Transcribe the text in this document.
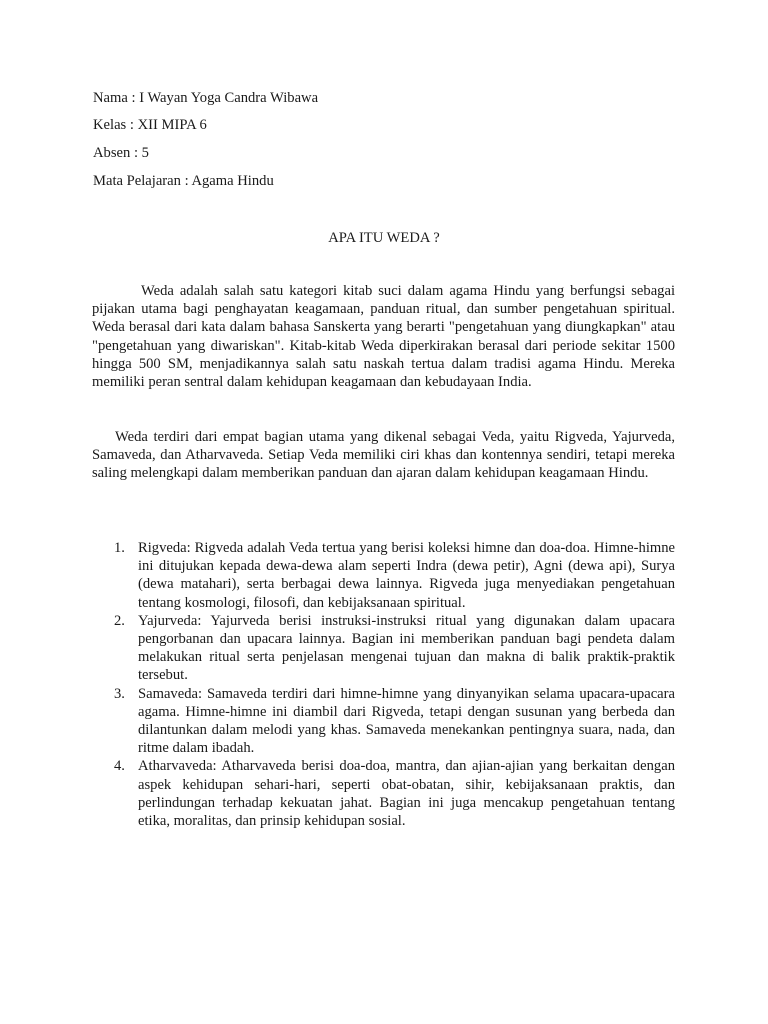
Nama : I Wayan Yoga Candra Wibawa
Kelas : XII MIPA 6
Absen : 5
Mata Pelajaran : Agama Hindu
APA ITU WEDA ?

Weda adalah salah satu kategori kitab suci dalam agama Hindu yang berfungsi sebagai pijakan utama bagi penghayatan keagamaan, panduan ritual, dan sumber pengetahuan spiritual. Weda berasal dari kata dalam bahasa Sanskerta yang berarti "pengetahuan yang diungkapkan" atau "pengetahuan yang diwariskan". Kitab-kitab Weda diperkirakan berasal dari periode sekitar 1500 hingga 500 SM, menjadikannya salah satu naskah tertua dalam tradisi agama Hindu. Mereka memiliki peran sentral dalam kehidupan keagamaan dan kebudayaan India.

Weda terdiri dari empat bagian utama yang dikenal sebagai Veda, yaitu Rigveda, Yajurveda, Samaveda, dan Atharvaveda. Setiap Veda memiliki ciri khas dan kontennya sendiri, tetapi mereka saling melengkapi dalam memberikan panduan dan ajaran dalam kehidupan keagamaan Hindu.

1. Rigveda: Rigveda adalah Veda tertua yang berisi koleksi himne dan doa-doa. Himne-himne ini ditujukan kepada dewa-dewa alam seperti Indra (dewa petir), Agni (dewa api), Surya (dewa matahari), serta berbagai dewa lainnya. Rigveda juga menyediakan pengetahuan tentang kosmologi, filosofi, dan kebijaksanaan spiritual.
2. Yajurveda: Yajurveda berisi instruksi-instruksi ritual yang digunakan dalam upacara pengorbanan dan upacara lainnya. Bagian ini memberikan panduan bagi pendeta dalam melakukan ritual serta penjelasan mengenai tujuan dan makna di balik praktik-praktik tersebut.
3. Samaveda: Samaveda terdiri dari himne-himne yang dinyanyikan selama upacara-upacara agama. Himne-himne ini diambil dari Rigveda, tetapi dengan susunan yang berbeda dan dilantunkan dalam melodi yang khas. Samaveda menekankan pentingnya suara, nada, dan ritme dalam ibadah.
4. Atharvaveda: Atharvaveda berisi doa-doa, mantra, dan ajian-ajian yang berkaitan dengan aspek kehidupan sehari-hari, seperti obat-obatan, sihir, kebijaksanaan praktis, dan perlindungan terhadap kekuatan jahat. Bagian ini juga mencakup pengetahuan tentang etika, moralitas, dan prinsip kehidupan sosial.
